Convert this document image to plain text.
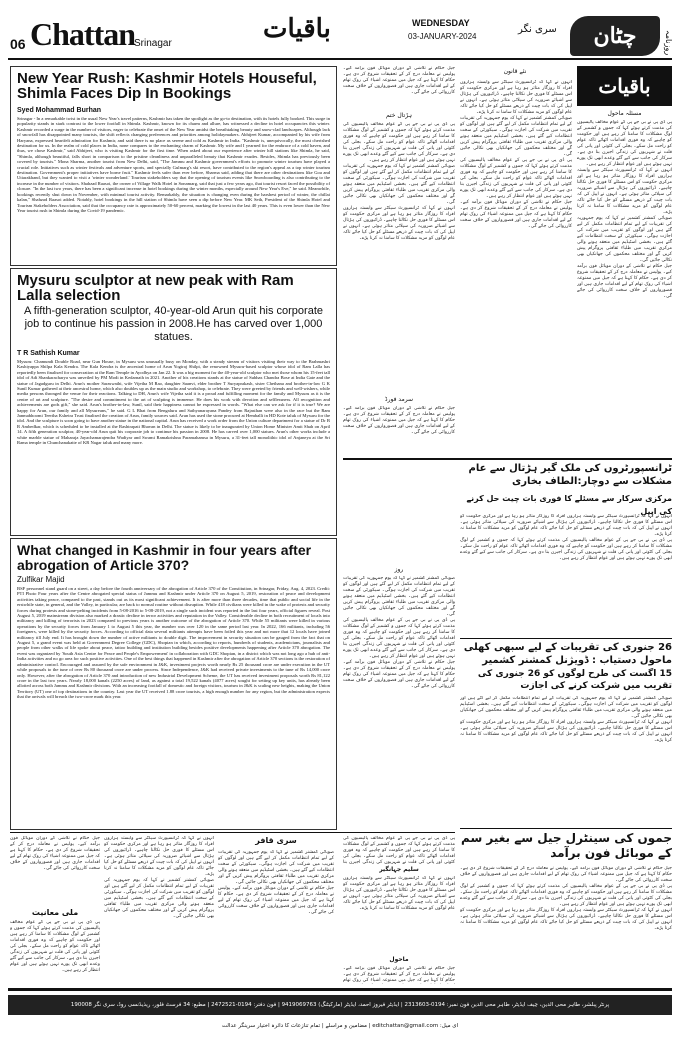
06 Chattan
Srinagar	باقیات	WEDNESDAY
03-JANUARY-2024
سری نگر	چٹان	روزنامہ
New Year Rush: Kashmir Hotels Houseful, Shimla Faces Dip In Bookings
Syed Mohammad Burhan
Srinagar - In a remarkable twist in the usual New Year's travel patterns, Kashmir has taken the spotlight as the go-to destination, with its hotels fully booked. This surge in popularity stands in stark contrast to the lower footfall in Shimla. Kashmir, known for its charm and allure, has witnessed a decline in hotel occupancies this winter. Kashmir recorded a surge in the number of visitors, eager to celebrate the onset of the New Year amidst the breathtaking beauty and snow-clad landscapes. Although lack of snowfall has disappointed many tourists, the shift reflects changing preferences and priorities among holidaymakers. Abhijeet Kumar, accompanied by his wife from Haryana, expressed heartfelt admiration for Kashmir, and said there is no place as serene and cold as Kashmir in India. "Kashmir is, unequivocally, the most cherished destination for us. In the realm of cold places in India, none compares to the enchanting charm of Kashmir. My wife and I yearned for the embrace of a cold haven, and thus, we chose Kashmir," said Abhijeet, who is visiting Kashmir for the first time. When asked about our experience after winter hill stations like Shimla, he said, "Shimla, although beautiful, falls short in comparison to the pristine cleanliness and unparalleled beauty that Kashmir exudes. Besides, Shimla has previously been covered by tourists." Mona Sharma, another tourist from New Delhi, said, "The Jammu and Kashmir government's efforts to promote winter tourism have played a crucial role. Initiatives such as winter festivals and adventure sports, and specially Gulmarg's ski resort, have contributed to the region's appeal as a top winter tourism destination. Government's proper initiatives have borne fruit." Kashmir feels safer than ever before, Sharma said, adding that there are other destinations like Goa and Uttarakhand, but they wanted to visit a 'winter wonderland.' Tourism stakeholders say that the opening of tourism events like Snowboarding is also contributing to the increase in the number of visitors. Shahzad Raasoi, the owner of Village Walk Hotel in Sonamarg, said that just a few years ago, that tourist resort faced the possibility of closure. "In the last two years, there has been a significant increase in hotel bookings during the winter months, especially around New Year's Eve," he said. Meanwhile, bookings recently shut down in November, with minimal tourist activity. Remarkably, the situation is changing even during the harshest period of winter, the chillai kalan," Shahzad Raasoi added. Notably, hotel bookings in the hill station of Shimla have seen a dip before New Year. MK Seth, President of the Shimla Hotel and Tourism Stakeholders Association, said that the occupancy rate is approximately 50-60 percent, marking the lowest in the last 40 years. This is even lower than the New Year tourist rush in Shimla during the Covid-19 pandemic.
Mysuru sculptor at new peak with Ram Lalla selection
A fifth-generation sculptor, 40-year-old Arun quit his corporate job to continue his passion in 2008.He has carved over 1,000 statues.
T R Sathish Kumar
Mysuru: Chamundi Double Road, near Gun House, in Mysuru was unusually busy on Monday, with a steady stream of visitors visiting their way to the Brahmashri Kashiyappa Shilpa Kala Kendra. The Kala Kendra is the ancestral home of Arun Yogiraj Shilpi, the renowned Mysuru-based sculptor whose idol of Ram Lalla has reportedly been finalised for consecration at the Ram Temple in Ayodhya on Jan 22. It was a big moment for the 40-year-old sculptor who met those whom his 15-feet tall idol of Adi Shankaracharya was unveiled by PM Modi in Kedarnath in 2021. Another of his creations stands at the statue of Subhas Chandra Bose at India Gate and the statue of Jagadguru in Delhi. Arun's mother Saraswathi, wife Vijetha M Rao, daughter Saanvi, elder brother T Suryaprakash, sister Chethana and brother-in-law G K Sunil Kumar gathered at their ancestral home, which also doubles up as the main studio and workshop, to celebrate. They were greeted by friends and well-wishers, while media persons thronged the venue for their reactions. Talking to DH, Arun's wife Vijetha said it is a proud and fulfilling moment for the family and Mysuru as it is the centre of art and sculpture. "The desire and commitment to the art of sculpting is immense. He does his work with devotion and selflessness. All recognition and achievements are gods gift," she said. Arun's brother-in-law, Sunil, said their happiness cannot be expressed in words. "What else can we ask for if it is true? We are happy for Arun, our family and all Mysureans," he said. G L Bhat from Bengaluru and Sathyanarayana Pandey from Rajasthan were also in the race but the Ram Janmabhoomi Teertha Kshetra Trust finalised the creation of Arun, family sources said. Arun has used the stone procured at Hemballi in HD Kote taluk of Mysuru for the idol. And the sculpture is soon going to have another statue in the national capital. Arun has received a work order from the Union culture department for a statue of Dr B R Ambedkar, which is scheduled to be installed at the Rashtrapati Bhavan in Delhi. The statue is likely to be inaugurated by Union Home Minister Amit Shah on April 14. A fifth generation sculptor, 40-year-old Arun quit his corporate job to continue his passion in 2008. He has carved over 1,000 statues. Arun's other works include a white marble statue of Maharaja Jayachamarajendra Wadiyar and Swami Ramakrishna Paramahamsa in Mysuru, a 31-feet tall monolithic idol of Anjaneya at the Sri Rama temple in Chunchanakatte of KR Nagar taluk and many more.
What changed in Kashmir in four years after abrogation of Article 370?
Zulfikar Majid
BSF personnel stand guard on a street, a day before the fourth anniversary of the abrogation of Article 370 of the Constitution, in Srinagar, Friday, Aug. 4, 2023. Credit: PTI Photo Four years after the Centre abrogated special status of Jammu and Kashmir under Article 370 on August 5, 2019, restoration of peace and development activities taking peace, compared to the past, stands out as its most significant achievement. It is after more than three decades, time that public and social life in the erstwhile state, in general, and the Valley, in particular, are back to normal routine without disruption. While 418 civilians were killed in the wake of protests and security forces during protests and stone-pelting incidents from 5-08-2016 to 5-08-2019, not a single such incident was reported in the last four years, official figures reveal. Post August 5, 2019 mainstream division also marked a drastic decline in terror activities and reputation in the Valley. Considerable decline in both recruitment of locals into militancy and killing of terrorists in 2023 compared to previous years is another outcome of the abrogation of Article 370. While 55 militants were killed in various operations by the security forces from January 1 to August 5 this year, the number was over 120 in the same period last year. In 2022, 166 militants, including 56 foreigners, were killed by the security forces. According to official data several militants attempts have been foiled this year and not more that 12 locals have joined militancy till July end. It has brought down the number of active militants to double digit. The improvement in security situation can be gauged from the fact that on August 5, a grand event was held at Government Degree College (GDC), Shopian in which, according to reports, hundreds of students, academicians, journalists and people from other walks of life spoke about peace, tattoo building and institution building besides positive developments happening after Article 370 abrogation. The event was organized by 'South Asia Centre for Peace and People's Empowerment' in collaboration with GDC Shopian, in a district which was not long ago a hub of anti-India activities and no go area for such positive activities. One of the best things that happened in Kashmir after the abrogation of Article 370 sections is the restoration of administrative control. Encouraged and assured by the safe environment in J&K, investment projects worth nearly Rs 25 thousand crore are under execution in the UT while proposals to the tune of over Rs 80 thousand crore are under process. Since Independence, J&K had received private investments to the tune of Rs 14,000 crore only. However, after the abrogation of Article 370 and introduction of new Industrial Development Scheme, the UT has received investment proposals worth Rs 81,122 crore in the last two years. Nearly 18,000 kanals (2250 acres) of land, as against a total 19,522 kanals (4077 acres) sought for setting up key units, has already been allotted across both Jammu and Kashmir divisions. With an increasing footfall of domestic and foreign visitors, tourism in J&K is scaling new heights, making the Union Territory (UT) one of top destinations in the country. Last year the UT received 1.88 crore tourists, a high enough number for any region, but the administration expects that the arrivals will breach the two-crore mark this year.
باقیات
مسئلہ ماحول
پی ڈی پی نے بی جے پی کے عوام مخالف پالیسیوں کی مذمت کرتے ہوئے کہا کہ جموں و کشمیر کے لوگ مشکلات کا سامنا کر رہے ہیں اور حکومت کو چاہیے کہ وہ فوری اقدامات اٹھائے تاکہ عوام کو راحت مل سکے۔ بجلی کی کٹوتی اور پانی کی قلت نے شہریوں کی زندگی اجیرن بنا دی ہے۔ سرکار کی جانب سے کیے گئے وعدے ابھی تک پورے نہیں ہوئے ہیں اور عوام انتظار کر رہے ہیں۔
انہوں نے کہا کہ ٹرانسپورٹ سیکٹر سے وابستہ ہزاروں افراد کا روزگار متاثر ہو رہا ہے اور مرکزی حکومت کو اس مسئلے کا فوری حل نکالنا چاہیے۔ ڈرائیوروں کی ہڑتال سے اشیائے ضروریہ کی سپلائی متاثر ہوئی ہے۔ انہوں نے اپیل کی کہ بات چیت کے ذریعے مسئلے کو حل کیا جائے تاکہ عام لوگوں کو مزید مشکلات کا سامنا نہ کرنا پڑے۔
صوبائی کمشنر کشمیر نے کہا کہ یوم جمہوریہ کی تقریبات کے لیے تمام انتظامات مکمل کر لیے گئے ہیں اور لوگوں کو تقریب میں شرکت کی اجازت ہوگی۔ سیکورٹی کے سخت انتظامات کیے گئے ہیں۔ بخشی اسٹیڈیم میں منعقد ہونے والی مرکزی تقریب میں طلباء ثقافتی پروگرام پیش کریں گے اور مختلف محکموں کی جھانکیاں بھی نکالی جائیں گی۔
جیل حکام نے تلاشی کے دوران موبائل فون برآمد کیے۔ پولیس نے معاملہ درج کر کے تحقیقات شروع کر دی ہے۔ حکام کا کہنا ہے کہ جیل میں ممنوعہ اشیاء کی روک تھام کے لیے اقدامات جاری ہیں اور قصورواروں کے خلاف سخت کارروائی کی جائے گی۔
نئے قانون
انہوں نے کہا کہ ٹرانسپورٹ سیکٹر سے وابستہ ہزاروں افراد کا روزگار متاثر ہو رہا ہے اور مرکزی حکومت کو اس مسئلے کا فوری حل نکالنا چاہیے۔ ڈرائیوروں کی ہڑتال سے اشیائے ضروریہ کی سپلائی متاثر ہوئی ہے۔ انہوں نے اپیل کی کہ بات چیت کے ذریعے مسئلے کو حل کیا جائے تاکہ عام لوگوں کو مزید مشکلات کا سامنا نہ کرنا پڑے۔
صوبائی کمشنر کشمیر نے کہا کہ یوم جمہوریہ کی تقریبات کے لیے تمام انتظامات مکمل کر لیے گئے ہیں اور لوگوں کو تقریب میں شرکت کی اجازت ہوگی۔ سیکورٹی کے سخت انتظامات کیے گئے ہیں۔ بخشی اسٹیڈیم میں منعقد ہونے والی مرکزی تقریب میں طلباء ثقافتی پروگرام پیش کریں گے اور مختلف محکموں کی جھانکیاں بھی نکالی جائیں گی۔
پی ڈی پی نے بی جے پی کے عوام مخالف پالیسیوں کی مذمت کرتے ہوئے کہا کہ جموں و کشمیر کے لوگ مشکلات کا سامنا کر رہے ہیں اور حکومت کو چاہیے کہ وہ فوری اقدامات اٹھائے تاکہ عوام کو راحت مل سکے۔ بجلی کی کٹوتی اور پانی کی قلت نے شہریوں کی زندگی اجیرن بنا دی ہے۔ سرکار کی جانب سے کیے گئے وعدے ابھی تک پورے نہیں ہوئے ہیں اور عوام انتظار کر رہے ہیں۔
جیل حکام نے تلاشی کے دوران موبائل فون برآمد کیے۔ پولیس نے معاملہ درج کر کے تحقیقات شروع کر دی ہے۔ حکام کا کہنا ہے کہ جیل میں ممنوعہ اشیاء کی روک تھام کے لیے اقدامات جاری ہیں اور قصورواروں کے خلاف سخت کارروائی کی جائے گی۔
جیل حکام نے تلاشی کے دوران موبائل فون برآمد کیے۔ پولیس نے معاملہ درج کر کے تحقیقات شروع کر دی ہے۔ حکام کا کہنا ہے کہ جیل میں ممنوعہ اشیاء کی روک تھام کے لیے اقدامات جاری ہیں اور قصورواروں کے خلاف سخت کارروائی کی جائے گی۔
ہڑتال ختم
پی ڈی پی نے بی جے پی کے عوام مخالف پالیسیوں کی مذمت کرتے ہوئے کہا کہ جموں و کشمیر کے لوگ مشکلات کا سامنا کر رہے ہیں اور حکومت کو چاہیے کہ وہ فوری اقدامات اٹھائے تاکہ عوام کو راحت مل سکے۔ بجلی کی کٹوتی اور پانی کی قلت نے شہریوں کی زندگی اجیرن بنا دی ہے۔ سرکار کی جانب سے کیے گئے وعدے ابھی تک پورے نہیں ہوئے ہیں اور عوام انتظار کر رہے ہیں۔
صوبائی کمشنر کشمیر نے کہا کہ یوم جمہوریہ کی تقریبات کے لیے تمام انتظامات مکمل کر لیے گئے ہیں اور لوگوں کو تقریب میں شرکت کی اجازت ہوگی۔ سیکورٹی کے سخت انتظامات کیے گئے ہیں۔ بخشی اسٹیڈیم میں منعقد ہونے والی مرکزی تقریب میں طلباء ثقافتی پروگرام پیش کریں گے اور مختلف محکموں کی جھانکیاں بھی نکالی جائیں گی۔
انہوں نے کہا کہ ٹرانسپورٹ سیکٹر سے وابستہ ہزاروں افراد کا روزگار متاثر ہو رہا ہے اور مرکزی حکومت کو اس مسئلے کا فوری حل نکالنا چاہیے۔ ڈرائیوروں کی ہڑتال سے اشیائے ضروریہ کی سپلائی متاثر ہوئی ہے۔ انہوں نے اپیل کی کہ بات چیت کے ذریعے مسئلے کو حل کیا جائے تاکہ عام لوگوں کو مزید مشکلات کا سامنا نہ کرنا پڑے۔
سرمد فورڈ
جیل حکام نے تلاشی کے دوران موبائل فون برآمد کیے۔ پولیس نے معاملہ درج کر کے تحقیقات شروع کر دی ہے۔ حکام کا کہنا ہے کہ جیل میں ممنوعہ اشیاء کی روک تھام کے لیے اقدامات جاری ہیں اور قصورواروں کے خلاف سخت کارروائی کی جائے گی۔
ٹرانسپورٹروں کی ملک گیر ہڑتال سے عام مشکلات سے دوچار:الطاف بخاری
مرکزی سرکار سے مسئلے کا فوری بات چیت حل کرنے کی اپیل
انہوں نے کہا کہ ٹرانسپورٹ سیکٹر سے وابستہ ہزاروں افراد کا روزگار متاثر ہو رہا ہے اور مرکزی حکومت کو اس مسئلے کا فوری حل نکالنا چاہیے۔ ڈرائیوروں کی ہڑتال سے اشیائے ضروریہ کی سپلائی متاثر ہوئی ہے۔ انہوں نے اپیل کی کہ بات چیت کے ذریعے مسئلے کو حل کیا جائے تاکہ عام لوگوں کو مزید مشکلات کا سامنا نہ کرنا پڑے۔
پی ڈی پی نے بی جے پی کے عوام مخالف پالیسیوں کی مذمت کرتے ہوئے کہا کہ جموں و کشمیر کے لوگ مشکلات کا سامنا کر رہے ہیں اور حکومت کو چاہیے کہ وہ فوری اقدامات اٹھائے تاکہ عوام کو راحت مل سکے۔ بجلی کی کٹوتی اور پانی کی قلت نے شہریوں کی زندگی اجیرن بنا دی ہے۔ سرکار کی جانب سے کیے گئے وعدے ابھی تک پورے نہیں ہوئے ہیں اور عوام انتظار کر رہے ہیں۔
روز
صوبائی کمشنر کشمیر نے کہا کہ یوم جمہوریہ کی تقریبات کے لیے تمام انتظامات مکمل کر لیے گئے ہیں اور لوگوں کو تقریب میں شرکت کی اجازت ہوگی۔ سیکورٹی کے سخت انتظامات کیے گئے ہیں۔ بخشی اسٹیڈیم میں منعقد ہونے والی مرکزی تقریب میں طلباء ثقافتی پروگرام پیش کریں گے اور مختلف محکموں کی جھانکیاں بھی نکالی جائیں گی۔
پی ڈی پی نے بی جے پی کے عوام مخالف پالیسیوں کی مذمت کرتے ہوئے کہا کہ جموں و کشمیر کے لوگ مشکلات کا سامنا کر رہے ہیں اور حکومت کو چاہیے کہ وہ فوری اقدامات اٹھائے تاکہ عوام کو راحت مل سکے۔ بجلی کی کٹوتی اور پانی کی قلت نے شہریوں کی زندگی اجیرن بنا دی ہے۔ سرکار کی جانب سے کیے گئے وعدے ابھی تک پورے نہیں ہوئے ہیں اور عوام انتظار کر رہے ہیں۔
جیل حکام نے تلاشی کے دوران موبائل فون برآمد کیے۔ پولیس نے معاملہ درج کر کے تحقیقات شروع کر دی ہے۔ حکام کا کہنا ہے کہ جیل میں ممنوعہ اشیاء کی روک تھام کے لیے اقدامات جاری ہیں اور قصورواروں کے خلاف سخت کارروائی کی جائے گی۔
26 جنوری کی تقریبات کے لیے سبھی کھلی ماحول دستیاب : ڈویژنل کمشنر کشمیر
15 اگست کی طرح لوگوں کو 26 جنوری کی تقریب میں شرکت کرنے کی اجازت
صوبائی کمشنر کشمیر نے کہا کہ یوم جمہوریہ کی تقریبات کے لیے تمام انتظامات مکمل کر لیے گئے ہیں اور لوگوں کو تقریب میں شرکت کی اجازت ہوگی۔ سیکورٹی کے سخت انتظامات کیے گئے ہیں۔ بخشی اسٹیڈیم میں منعقد ہونے والی مرکزی تقریب میں طلباء ثقافتی پروگرام پیش کریں گے اور مختلف محکموں کی جھانکیاں بھی نکالی جائیں گی۔
انہوں نے کہا کہ ٹرانسپورٹ سیکٹر سے وابستہ ہزاروں افراد کا روزگار متاثر ہو رہا ہے اور مرکزی حکومت کو اس مسئلے کا فوری حل نکالنا چاہیے۔ ڈرائیوروں کی ہڑتال سے اشیائے ضروریہ کی سپلائی متاثر ہوئی ہے۔ انہوں نے اپیل کی کہ بات چیت کے ذریعے مسئلے کو حل کیا جائے تاکہ عام لوگوں کو مزید مشکلات کا سامنا نہ کرنا پڑے۔
جموں کی سینٹرل جیل سے بغیر سم کے موبائل فون برآمد
جیل حکام نے تلاشی کے دوران موبائل فون برآمد کیے۔ پولیس نے معاملہ درج کر کے تحقیقات شروع کر دی ہے۔ حکام کا کہنا ہے کہ جیل میں ممنوعہ اشیاء کی روک تھام کے لیے اقدامات جاری ہیں اور قصورواروں کے خلاف سخت کارروائی کی جائے گی۔
پی ڈی پی نے بی جے پی کے عوام مخالف پالیسیوں کی مذمت کرتے ہوئے کہا کہ جموں و کشمیر کے لوگ مشکلات کا سامنا کر رہے ہیں اور حکومت کو چاہیے کہ وہ فوری اقدامات اٹھائے تاکہ عوام کو راحت مل سکے۔ بجلی کی کٹوتی اور پانی کی قلت نے شہریوں کی زندگی اجیرن بنا دی ہے۔ سرکار کی جانب سے کیے گئے وعدے ابھی تک پورے نہیں ہوئے ہیں اور عوام انتظار کر رہے ہیں۔
انہوں نے کہا کہ ٹرانسپورٹ سیکٹر سے وابستہ ہزاروں افراد کا روزگار متاثر ہو رہا ہے اور مرکزی حکومت کو اس مسئلے کا فوری حل نکالنا چاہیے۔ ڈرائیوروں کی ہڑتال سے اشیائے ضروریہ کی سپلائی متاثر ہوئی ہے۔ انہوں نے اپیل کی کہ بات چیت کے ذریعے مسئلے کو حل کیا جائے تاکہ عام لوگوں کو مزید مشکلات کا سامنا نہ کرنا پڑے۔
جیل حکام نے تلاشی کے دوران موبائل فون برآمد کیے۔ پولیس نے معاملہ درج کر کے تحقیقات شروع کر دی ہے۔ حکام کا کہنا ہے کہ جیل میں ممنوعہ اشیاء کی روک تھام کے لیے اقدامات جاری ہیں اور قصورواروں کے خلاف سخت کارروائی کی جائے گی۔
ملی معانیت
پی ڈی پی نے بی جے پی کے عوام مخالف پالیسیوں کی مذمت کرتے ہوئے کہا کہ جموں و کشمیر کے لوگ مشکلات کا سامنا کر رہے ہیں اور حکومت کو چاہیے کہ وہ فوری اقدامات اٹھائے تاکہ عوام کو راحت مل سکے۔ بجلی کی کٹوتی اور پانی کی قلت نے شہریوں کی زندگی اجیرن بنا دی ہے۔ سرکار کی جانب سے کیے گئے وعدے ابھی تک پورے نہیں ہوئے ہیں اور عوام انتظار کر رہے ہیں۔
انہوں نے کہا کہ ٹرانسپورٹ سیکٹر سے وابستہ ہزاروں افراد کا روزگار متاثر ہو رہا ہے اور مرکزی حکومت کو اس مسئلے کا فوری حل نکالنا چاہیے۔ ڈرائیوروں کی ہڑتال سے اشیائے ضروریہ کی سپلائی متاثر ہوئی ہے۔ انہوں نے اپیل کی کہ بات چیت کے ذریعے مسئلے کو حل کیا جائے تاکہ عام لوگوں کو مزید مشکلات کا سامنا نہ کرنا پڑے۔
صوبائی کمشنر کشمیر نے کہا کہ یوم جمہوریہ کی تقریبات کے لیے تمام انتظامات مکمل کر لیے گئے ہیں اور لوگوں کو تقریب میں شرکت کی اجازت ہوگی۔ سیکورٹی کے سخت انتظامات کیے گئے ہیں۔ بخشی اسٹیڈیم میں منعقد ہونے والی مرکزی تقریب میں طلباء ثقافتی پروگرام پیش کریں گے اور مختلف محکموں کی جھانکیاں بھی نکالی جائیں گی۔
سری قافر
صوبائی کمشنر کشمیر نے کہا کہ یوم جمہوریہ کی تقریبات کے لیے تمام انتظامات مکمل کر لیے گئے ہیں اور لوگوں کو تقریب میں شرکت کی اجازت ہوگی۔ سیکورٹی کے سخت انتظامات کیے گئے ہیں۔ بخشی اسٹیڈیم میں منعقد ہونے والی مرکزی تقریب میں طلباء ثقافتی پروگرام پیش کریں گے اور مختلف محکموں کی جھانکیاں بھی نکالی جائیں گی۔
جیل حکام نے تلاشی کے دوران موبائل فون برآمد کیے۔ پولیس نے معاملہ درج کر کے تحقیقات شروع کر دی ہے۔ حکام کا کہنا ہے کہ جیل میں ممنوعہ اشیاء کی روک تھام کے لیے اقدامات جاری ہیں اور قصورواروں کے خلاف سخت کارروائی کی جائے گی۔
پی ڈی پی نے بی جے پی کے عوام مخالف پالیسیوں کی مذمت کرتے ہوئے کہا کہ جموں و کشمیر کے لوگ مشکلات کا سامنا کر رہے ہیں اور حکومت کو چاہیے کہ وہ فوری اقدامات اٹھائے تاکہ عوام کو راحت مل سکے۔ بجلی کی کٹوتی اور پانی کی قلت نے شہریوں کی زندگی اجیرن بنا
سلیم جہانگیر
انہوں نے کہا کہ ٹرانسپورٹ سیکٹر سے وابستہ ہزاروں افراد کا روزگار متاثر ہو رہا ہے اور مرکزی حکومت کو اس مسئلے کا فوری حل نکالنا چاہیے۔ ڈرائیوروں کی ہڑتال سے اشیائے ضروریہ کی سپلائی متاثر ہوئی ہے۔ انہوں نے اپیل کی کہ بات چیت کے ذریعے مسئلے کو حل کیا جائے تاکہ عام لوگوں کو مزید مشکلات کا سامنا نہ کرنا پڑے۔
ماحول
جیل حکام نے تلاشی کے دوران موبائل فون برآمد کیے۔ پولیس نے معاملہ درج کر کے تحقیقات شروع کر دی ہے۔ حکام کا کہنا ہے کہ جیل میں ممنوعہ اشیاء کی روک تھام
پرنٹر پبلشر، طاہر محی الدین، چیف ایڈیٹر، طاہر محی الدین فون نمبر: 0194-2313603 | ایڈیٹر فیروز احمد، ایڈیٹر (مارکیٹنگ) 9419069763 | فون دفتر: 0194-2472521 | مطبع: 34 فرسٹ فلور، ریذیڈنسی روڈ، سری نگر 190008
ای میل: editchattan@gmail.com | مضامین و مراسلے | تمام تنازعات کا دائرہ اختیار سرینگر عدالت
